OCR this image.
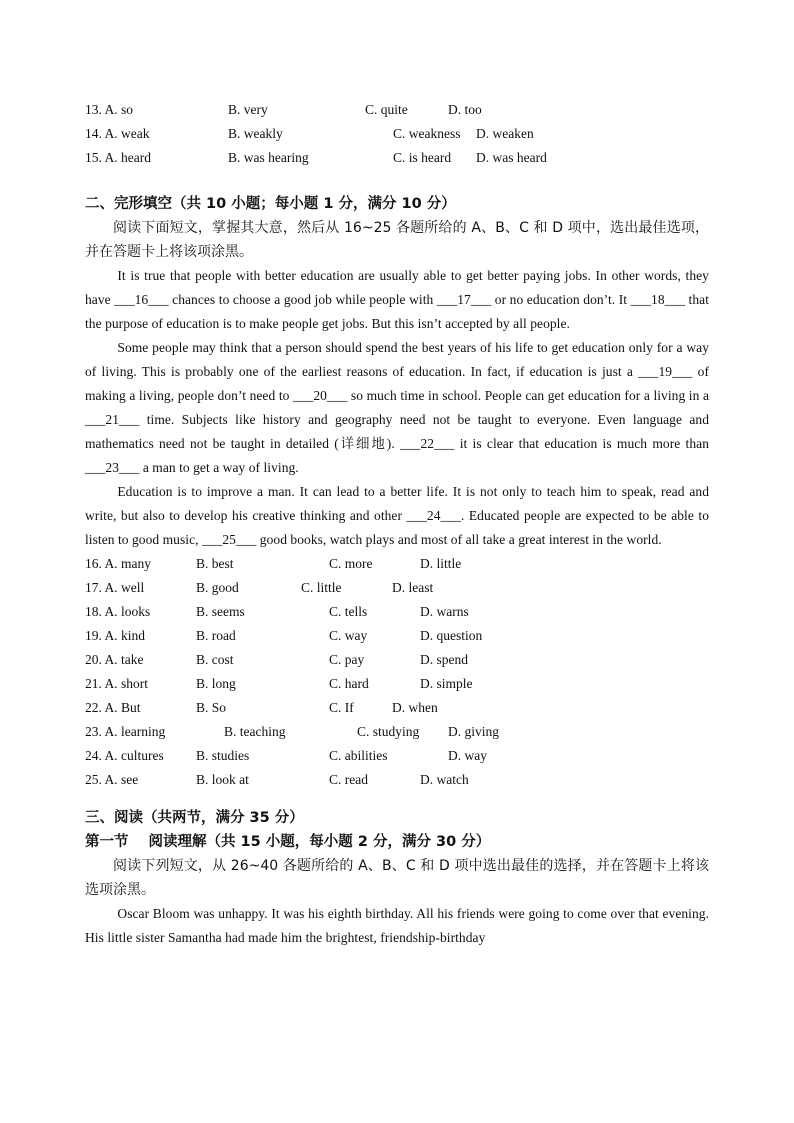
13. A. so	B. very	C. quite	D. too
14. A. weak	B. weakly	C. weakness D. weaken
15. A. heard	B. was hearing	C. is heard D. was heard
二、完形填空（共 10 小题；每小题 1 分，满分 10 分）

阅读下面短文，掌握其大意，然后从 16~25 各题所给的 A、B、C 和 D 项中，选出最佳选项，并在答题卡上将该项涂黑。

It is true that people with better education are usually able to get better paying jobs. In other words, they have ___16___ chances to choose a good job while people with ___17___ or no education don’t. It ___18___ that the purpose of education is to make people get jobs. But this isn’t accepted by all people.

Some people may think that a person should spend the best years of his life to get education only for a way of living. This is probably one of the earliest reasons of education. In fact, if education is just a ___19___ of making a living, people don’t need to ___20___ so much time in school. People can get education for a living in a ___21___ time. Subjects like history and geography need not be taught to everyone. Even language and mathematics need not be taught in detailed (详细地). ___22___ it is clear that education is much more than ___23___ a man to get a way of living.

Education is to improve a man. It can lead to a better life. It is not only to teach him to speak, read and write, but also to develop his creative thinking and other ___24___. Educated people are expected to be able to listen to good music, ___25___ good books, watch plays and most of all take a great interest in the world.

16. A. many	B. best	C. more	D. little
17. A. well	B. good	C. little	D. least
18. A. looks	B. seems	C. tells	D. warns
19. A. kind	B. road	C. way	D. question
20. A. take	B. cost	C. pay	D. spend
21. A. short	B. long	C. hard	D. simple
22. A. But	B. So	C. If	D. when
23. A. learning	B. teaching	C. studying D. giving
24. A. cultures B. studies	C. abilities	D. way
25. A. see	B. look at	C. read	D. watch
三、阅读（共两节，满分 35 分）
第一节 阅读理解（共 15 小题，每小题 2 分，满分 30 分）

阅读下列短文，从 26~40 各题所给的 A、B、C 和 D 项中选出最佳的选择，并在答题卡上将该选项涂黑。

Oscar Bloom was unhappy. It was his eighth birthday. All his friends were going to come over that evening. His little sister Samantha had made him the brightest, friendship-birthday
